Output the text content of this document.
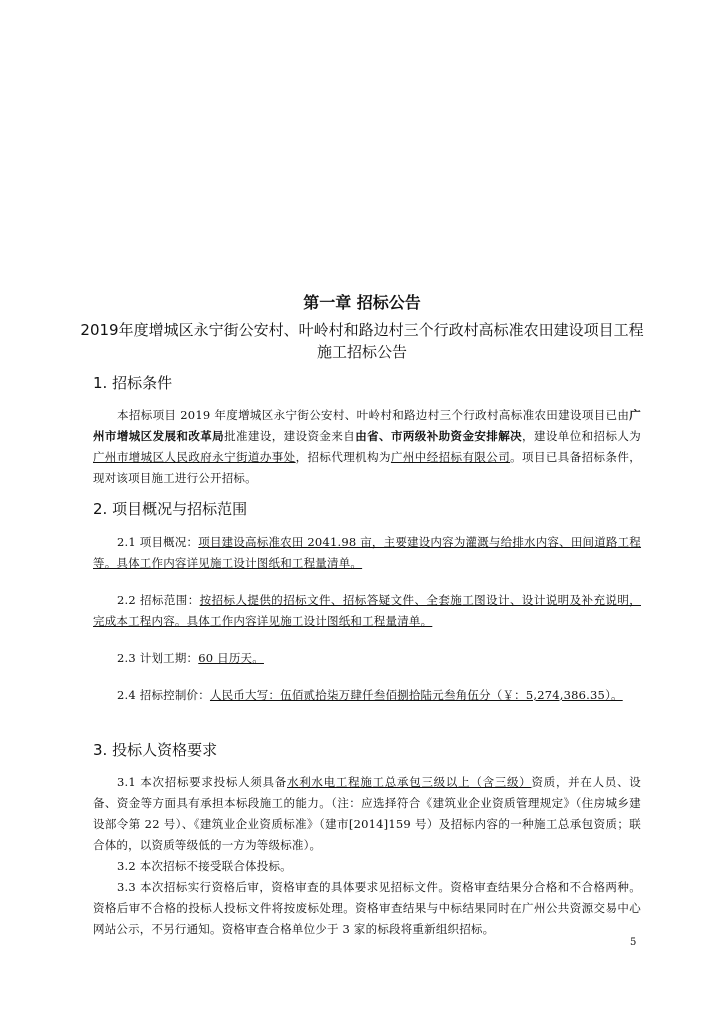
第一章 招标公告
2019年度增城区永宁街公安村、叶岭村和路边村三个行政村高标准农田建设项目工程施工招标公告
1. 招标条件
本招标项目 2019 年度增城区永宁街公安村、叶岭村和路边村三个行政村高标准农田建设项目已由广州市增城区发展和改革局批准建设，建设资金来自由省、市两级补助资金安排解决，建设单位和招标人为广州市增城区人民政府永宁街道办事处，招标代理机构为广州中经招标有限公司。项目已具备招标条件，现对该项目施工进行公开招标。
2. 项目概况与招标范围
2.1 项目概况：项目建设高标准农田 2041.98 亩，主要建设内容为灌溉与给排水内容、田间道路工程等。具体工作内容详见施工设计图纸和工程量清单。
2.2 招标范围：按招标人提供的招标文件、招标答疑文件、全套施工图设计、设计说明及补充说明，完成本工程内容。具体工作内容详见施工设计图纸和工程量清单。
2.3 计划工期：60 日历天。
2.4 招标控制价：人民币大写：伍佰贰拾柒万肆仟叁佰捌拾陆元叁角伍分（￥：5,274,386.35）。
3. 投标人资格要求
3.1 本次招标要求投标人须具备水利水电工程施工总承包三级以上（含三级）资质，并在人员、设备、资金等方面具有承担本标段施工的能力。（注：应选择符合《建筑业企业资质管理规定》（住房城乡建设部令第 22 号）、《建筑业企业资质标准》（建市[2014]159 号）及招标内容的一种施工总承包资质；联合体的，以资质等级低的一方为等级标准）。
3.2 本次招标不接受联合体投标。
3.3 本次招标实行资格后审，资格审查的具体要求见招标文件。资格审查结果分合格和不合格两种。资格后审不合格的投标人投标文件将按废标处理。资格审查结果与中标结果同时在广州公共资源交易中心网站公示，不另行通知。资格审查合格单位少于 3 家的标段将重新组织招标。
5
